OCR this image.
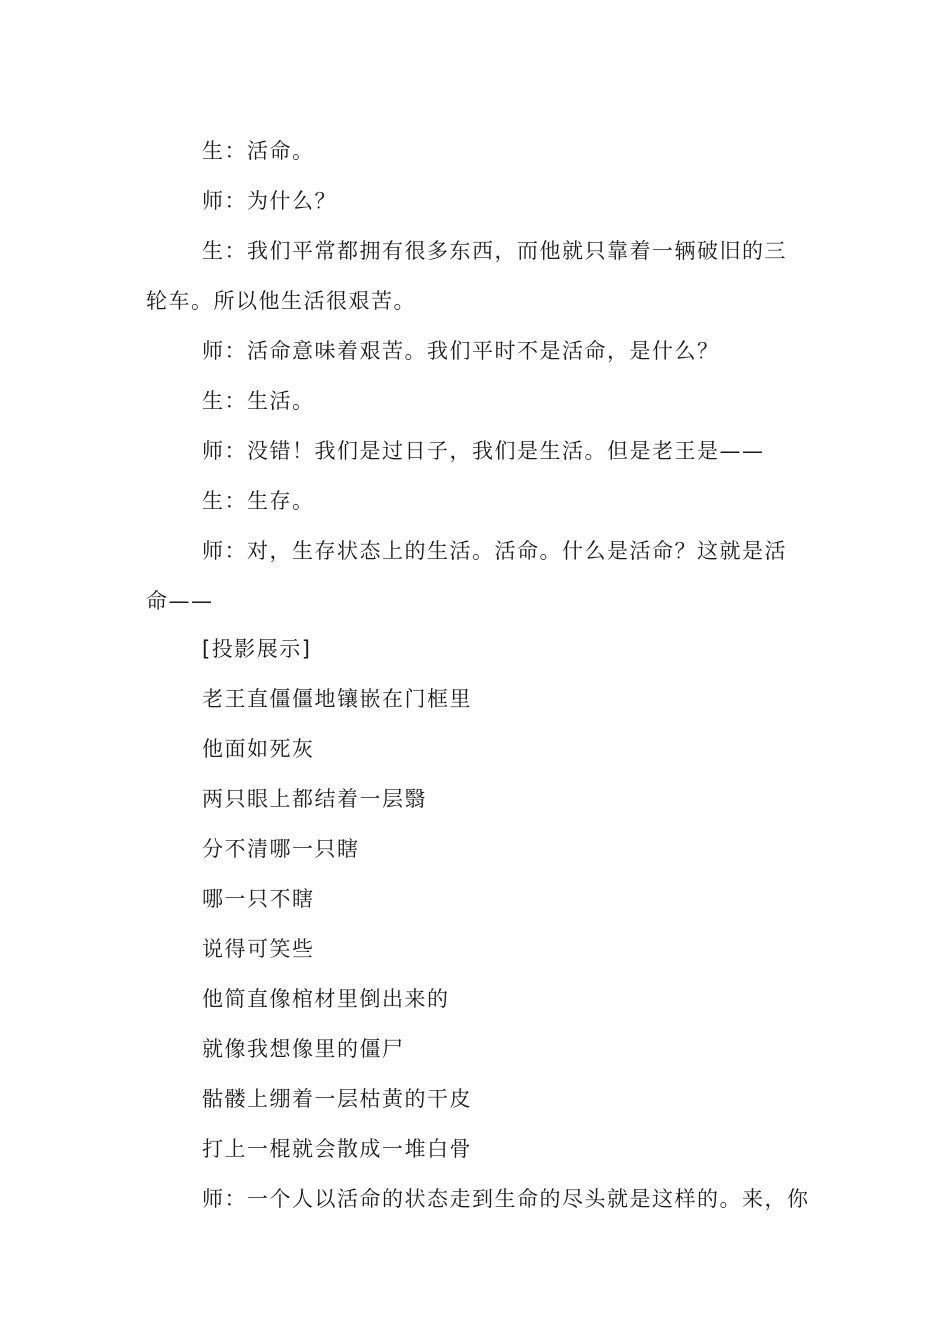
生：活命。

师：为什么？

生：我们平常都拥有很多东西，而他就只靠着一辆破旧的三轮车。所以他生活很艰苦。

师：活命意味着艰苦。我们平时不是活命，是什么？

生：生活。

师：没错！我们是过日子，我们是生活。但是老王是——

生：生存。

师：对，生存状态上的生活。活命。什么是活命？这就是活命——

[投影展示]

老王直僵僵地镶嵌在门框里

他面如死灰

两只眼上都结着一层翳

分不清哪一只瞎

哪一只不瞎

说得可笑些

他简直像棺材里倒出来的

就像我想像里的僵尸

骷髅上绷着一层枯黄的干皮

打上一棍就会散成一堆白骨

师：一个人以活命的状态走到生命的尽头就是这样的。来，你
